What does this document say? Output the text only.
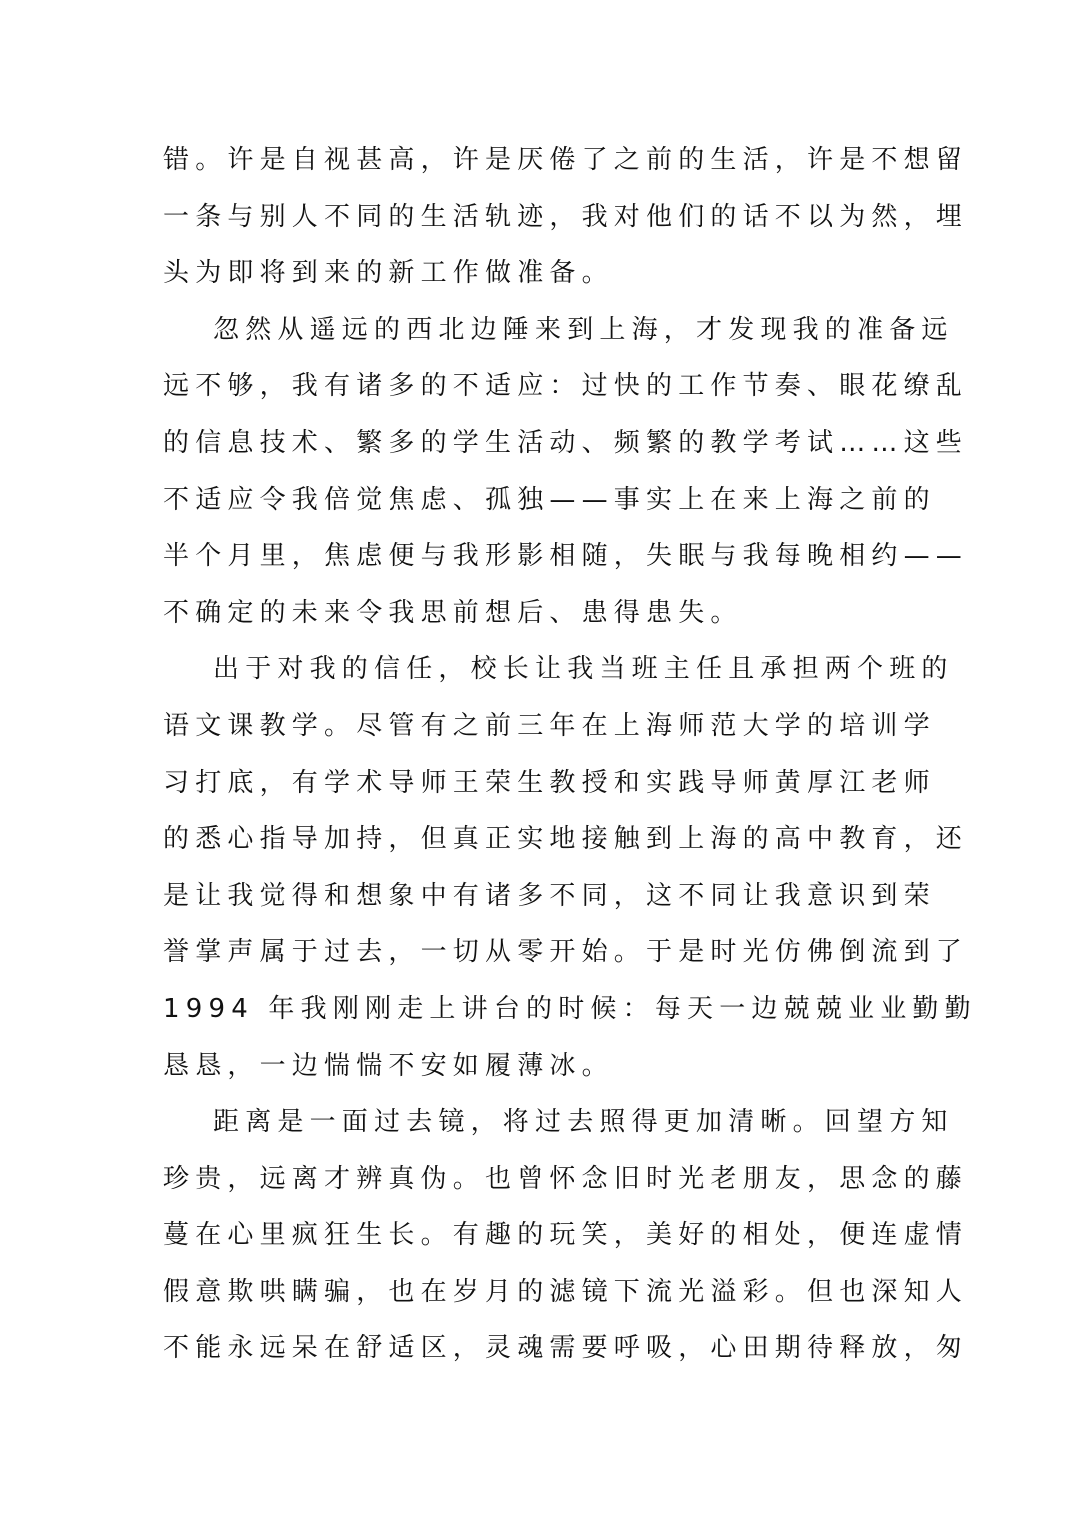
错。许是自视甚高，许是厌倦了之前的生活，许是不想留
一条与别人不同的生活轨迹，我对他们的话不以为然，埋
头为即将到来的新工作做准备。
忽然从遥远的西北边陲来到上海，才发现我的准备远
远不够，我有诸多的不适应：过快的工作节奏、眼花缭乱
的信息技术、繁多的学生活动、频繁的教学考试……这些
不适应令我倍觉焦虑、孤独——事实上在来上海之前的
半个月里，焦虑便与我形影相随，失眠与我每晚相约——
不确定的未来令我思前想后、患得患失。
出于对我的信任，校长让我当班主任且承担两个班的
语文课教学。尽管有之前三年在上海师范大学的培训学
习打底，有学术导师王荣生教授和实践导师黄厚江老师
的悉心指导加持，但真正实地接触到上海的高中教育，还
是让我觉得和想象中有诸多不同，这不同让我意识到荣
誉掌声属于过去，一切从零开始。于是时光仿佛倒流到了
1994 年我刚刚走上讲台的时候：每天一边兢兢业业勤勤
恳恳，一边惴惴不安如履薄冰。
距离是一面过去镜，将过去照得更加清晰。回望方知
珍贵，远离才辨真伪。也曾怀念旧时光老朋友，思念的藤
蔓在心里疯狂生长。有趣的玩笑，美好的相处，便连虚情
假意欺哄瞒骗，也在岁月的滤镜下流光溢彩。但也深知人
不能永远呆在舒适区，灵魂需要呼吸，心田期待释放，匆
